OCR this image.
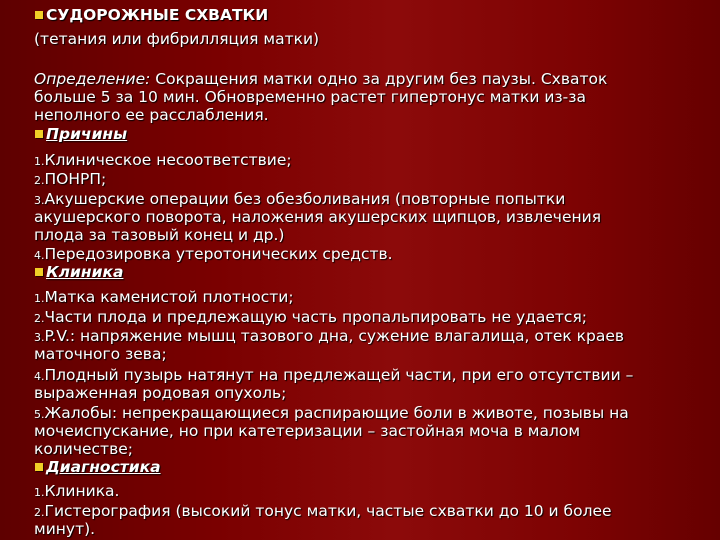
СУДОРОЖНЫЕ СХВАТКИ
(тетания или фибрилляция матки)
Определение: Сокращения матки одно за другим без паузы. Схваток
больше 5 за 10 мин. Обновременно растет гипертонус матки из-за
неполного ее расслабления.
Причины
1.Клиническое несоответствие;
2.ПОНРП;
3.Акушерские операции без обезболивания (повторные попытки
акушерского поворота, наложения акушерских щипцов, извлечения
плода за тазовый конец и др.)
4.Передозировка утеротонических средств.
Клиника
1.Матка каменистой плотности;
2.Части плода и предлежащую часть пропальпировать не удается;
3.P.V.: напряжение мышц тазового дна, сужение влагалища, отек краев
маточного зева;
4.Плодный пузырь натянут на предлежащей части, при его отсутствии –
выраженная родовая опухоль;
5.Жалобы: непрекращающиеся распирающие боли в животе, позывы на
мочеиспускание, но при катетеризации – застойная моча в малом
количестве;
Диагностика
1.Клиника.
2.Гистерография (высокий тонус матки, частые схватки до 10 и более
минут).
